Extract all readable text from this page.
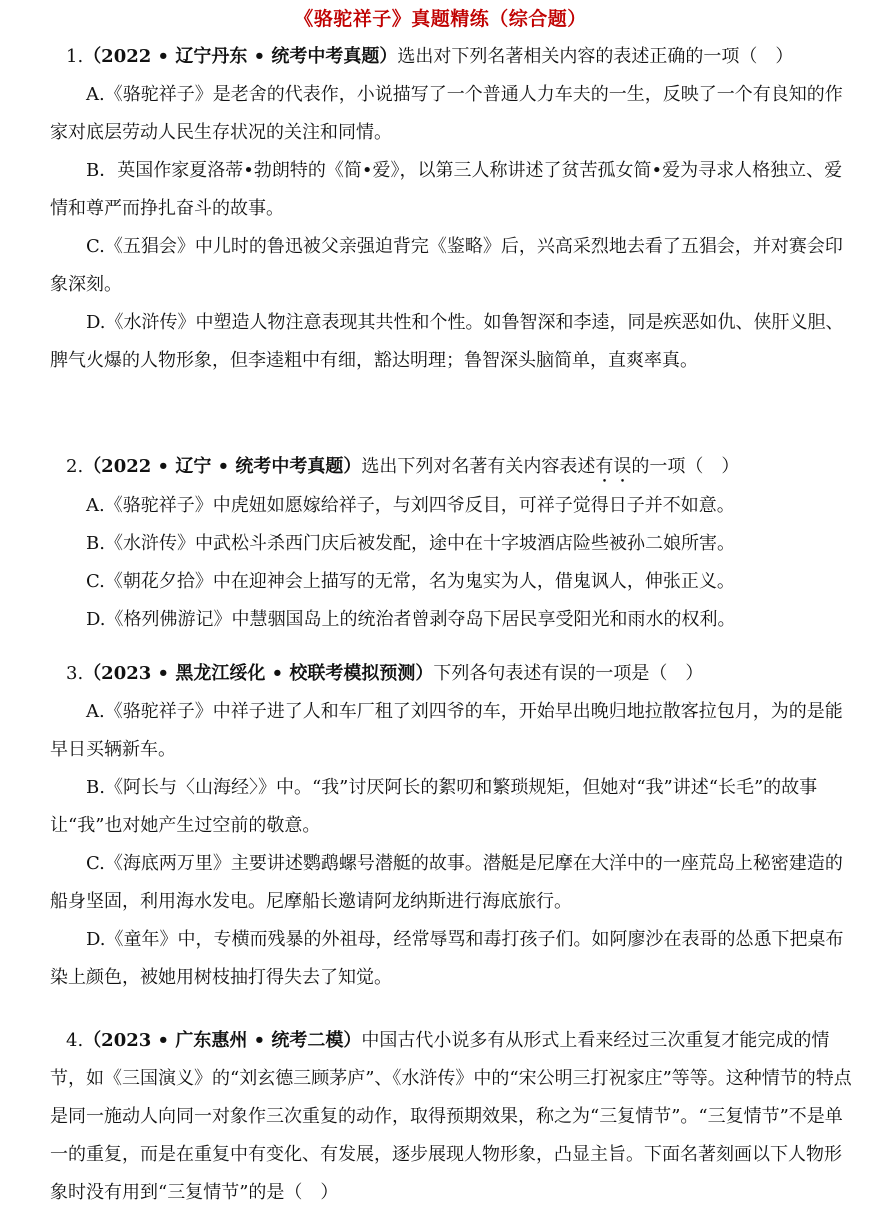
《骆驼祥子》真题精练（综合题）
1.（2022 • 辽宁丹东 • 统考中考真题）选出对下列名著相关内容的表述正确的一项（　）
A.《骆驼祥子》是老舍的代表作，小说描写了一个普通人力车夫的一生，反映了一个有良知的作家对底层劳动人民生存状况的关注和同情。
B．英国作家夏洛蒂•勃朗特的《简•爱》，以第三人称讲述了贫苦孤女简•爱为寻求人格独立、爱情和尊严而挣扎奋斗的故事。
C.《五猖会》中儿时的鲁迅被父亲强迫背完《鉴略》后，兴高采烈地去看了五猖会，并对赛会印象深刻。
D.《水浒传》中塑造人物注意表现其共性和个性。如鲁智深和李逵，同是疾恶如仇、侠肝义胆、脾气火爆的人物形象，但李逵粗中有细，豁达明理；鲁智深头脑简单，直爽率真。
2.（2022 • 辽宁 • 统考中考真题）选出下列对名著有关内容表述有误的一项（　）
A.《骆驼祥子》中虎妞如愿嫁给祥子，与刘四爷反目，可祥子觉得日子并不如意。
B.《水浒传》中武松斗杀西门庆后被发配，途中在十字坡酒店险些被孙二娘所害。
C.《朝花夕拾》中在迎神会上描写的无常，名为鬼实为人，借鬼讽人，伸张正义。
D.《格列佛游记》中慧骃国岛上的统治者曾剥夺岛下居民享受阳光和雨水的权利。
3.（2023 • 黑龙江绥化 • 校联考模拟预测）下列各句表述有误的一项是（　）
A.《骆驼祥子》中祥子进了人和车厂租了刘四爷的车，开始早出晚归地拉散客拉包月，为的是能早日买辆新车。
B.《阿长与〈山海经〉》中。“我”讨厌阿长的絮叨和繁琐规矩，但她对“我”讲述“长毛”的故事让“我”也对她产生过空前的敬意。
C.《海底两万里》主要讲述鹦鹉螺号潜艇的故事。潜艇是尼摩在大洋中的一座荒岛上秘密建造的船身坚固，利用海水发电。尼摩船长邀请阿龙纳斯进行海底旅行。
D.《童年》中，专横而残暴的外祖母，经常辱骂和毒打孩子们。如阿廖沙在表哥的怂恿下把桌布染上颜色，被她用树枝抽打得失去了知觉。
4.（2023 • 广东惠州 • 统考二模）中国古代小说多有从形式上看来经过三次重复才能完成的情节，如《三国演义》的“刘玄德三顾茅庐”、《水浒传》中的“宋公明三打祝家庄”等等。这种情节的特点是同一施动人向同一对象作三次重复的动作，取得预期效果，称之为“三复情节”。“三复情节”不是单一的重复，而是在重复中有变化、有发展，逐步展现人物形象，凸显主旨。下面名著刻画以下人物形象时没有用到“三复情节”的是（　）
